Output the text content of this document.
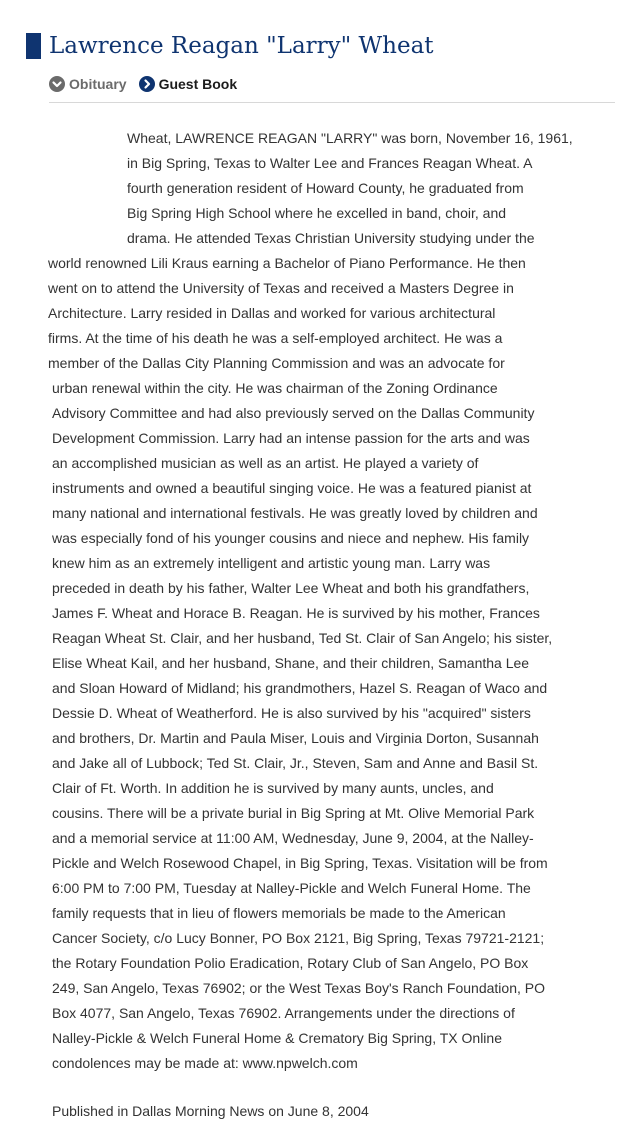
Lawrence Reagan "Larry" Wheat
Obituary Guest Book
Wheat, LAWRENCE REAGAN "LARRY" was born, November 16, 1961,
in Big Spring, Texas to Walter Lee and Frances Reagan Wheat. A
fourth generation resident of Howard County, he graduated from
Big Spring High School where he excelled in band, choir, and
drama. He attended Texas Christian University studying under the
world renowned Lili Kraus earning a Bachelor of Piano Performance. He then
went on to attend the University of Texas and received a Masters Degree in
Architecture. Larry resided in Dallas and worked for various architectural
firms. At the time of his death he was a self-employed architect. He was a
member of the Dallas City Planning Commission and was an advocate for
urban renewal within the city. He was chairman of the Zoning Ordinance
Advisory Committee and had also previously served on the Dallas Community
Development Commission. Larry had an intense passion for the arts and was
an accomplished musician as well as an artist. He played a variety of
instruments and owned a beautiful singing voice. He was a featured pianist at
many national and international festivals. He was greatly loved by children and
was especially fond of his younger cousins and niece and nephew. His family
knew him as an extremely intelligent and artistic young man. Larry was
preceded in death by his father, Walter Lee Wheat and both his grandfathers,
James F. Wheat and Horace B. Reagan. He is survived by his mother, Frances
Reagan Wheat St. Clair, and her husband, Ted St. Clair of San Angelo; his sister,
Elise Wheat Kail, and her husband, Shane, and their children, Samantha Lee
and Sloan Howard of Midland; his grandmothers, Hazel S. Reagan of Waco and
Dessie D. Wheat of Weatherford. He is also survived by his "acquired" sisters
and brothers, Dr. Martin and Paula Miser, Louis and Virginia Dorton, Susannah
and Jake all of Lubbock; Ted St. Clair, Jr., Steven, Sam and Anne and Basil St.
Clair of Ft. Worth. In addition he is survived by many aunts, uncles, and
cousins. There will be a private burial in Big Spring at Mt. Olive Memorial Park
and a memorial service at 11:00 AM, Wednesday, June 9, 2004, at the Nalley-
Pickle and Welch Rosewood Chapel, in Big Spring, Texas. Visitation will be from
6:00 PM to 7:00 PM, Tuesday at Nalley-Pickle and Welch Funeral Home. The
family requests that in lieu of flowers memorials be made to the American
Cancer Society, c/o Lucy Bonner, PO Box 2121, Big Spring, Texas 79721-2121;
the Rotary Foundation Polio Eradication, Rotary Club of San Angelo, PO Box
249, San Angelo, Texas 76902; or the West Texas Boy's Ranch Foundation, PO
Box 4077, San Angelo, Texas 76902. Arrangements under the directions of
Nalley-Pickle & Welch Funeral Home & Crematory Big Spring, TX Online
condolences may be made at: www.npwelch.com

Published in Dallas Morning News on June 8, 2004
